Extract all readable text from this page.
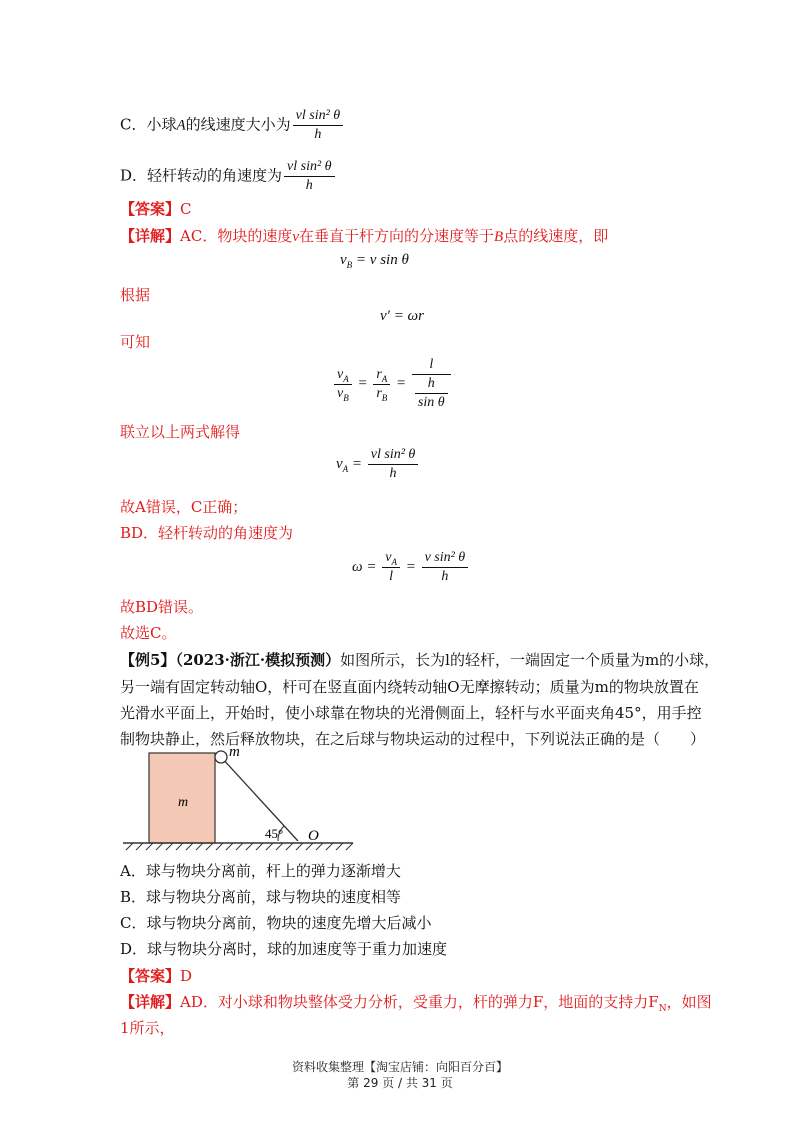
C．小球A的线速度大小为 $\frac{\text{vl sin² θ}}{h}$
D．轻杆转动的角速度为 $\frac{\text{vl sin² θ}}{h}$
【答案】C
【详解】AC．物块的速度v在垂直于杆方向的分速度等于B点的线速度，即
$v_B = v$ sin θ
根据
v′ = ωr
可知
$\frac{v_A}{v_B} = \frac{r_A}{r_B} = \frac{l}{\frac{h}{\text{sin θ}}}$
联立以上两式解得
$v_A = \frac{\text{vl sin² θ}}{h}$
故A错误，C正确；
BD．轻杆转动的角速度为
$\omega = \frac{v_A}{l} = \frac{\text{v sin² θ}}{h}$
故BD错误。
故选C。
【例5】（2023·浙江·模拟预测）如图所示，长为l的轻杆，一端固定一个质量为m的小球，
另一端有固定转动轴O，杆可在竖直面内绕转动轴O无摩擦转动；质量为m的物块放置在
光滑水平面上，开始时，使小球靠在物块的光滑侧面上，轻杆与水平面夹角45°，用手控
制物块静止，然后释放物块，在之后球与物块运动的过程中，下列说法正确的是（　　）
m
m
45° O
A．球与物块分离前，杆上的弹力逐渐增大
B．球与物块分离前，球与物块的速度相等
C．球与物块分离前，物块的速度先增大后减小
D．球与物块分离时，球的加速度等于重力加速度
【答案】D
【详解】AD．对小球和物块整体受力分析，受重力，杆的弹力F，地面的支持力$F_N$，如图
1所示，
资料收集整理【淘宝店铺：向阳百分百】
第 29 页 / 共 31 页
